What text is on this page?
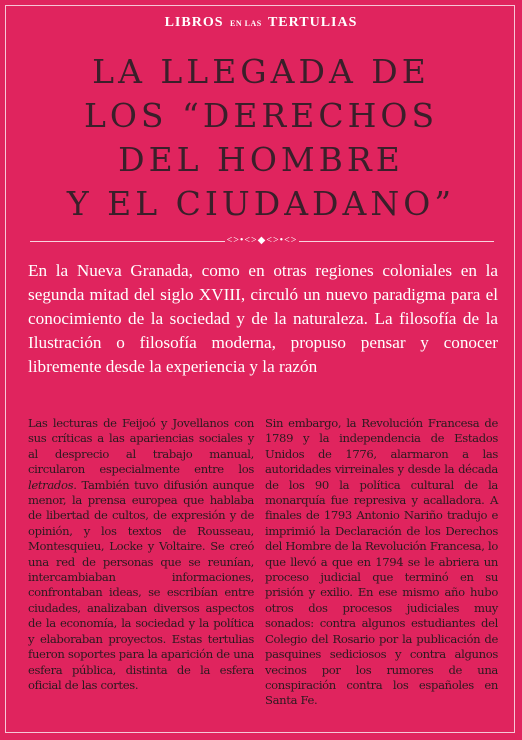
LIBROS EN LAS TERTULIAS
LA LLEGADA DE
LOS “DERECHOS
DEL HOMBRE
Y EL CIUDADANO”
<>•<>◆<>•<>

En la Nueva Granada, como en otras regiones coloniales en la segunda mitad del siglo XVIII, circuló un nuevo paradigma para el conocimiento de la sociedad y de la naturaleza. La filosofía de la Ilustración o filosofía moderna, propuso pensar y conocer libremente desde la experiencia y la razón

Las lecturas de Feijoó y Jovellanos con sus críticas a las apariencias sociales y al desprecio al trabajo manual, circularon especialmente entre los letrados. También tuvo difusión aunque menor, la prensa europea que hablaba de libertad de cultos, de expresión y de opinión, y los textos de Rousseau, Montesquieu, Locke y Voltaire. Se creó una red de personas que se reunían, intercambiaban informaciones, confrontaban ideas, se escribían entre ciudades, analizaban diversos aspectos de la economía, la sociedad y la política y elaboraban proyectos. Estas tertulias fueron soportes para la aparición de una esfera pública, distinta de la esfera oficial de las cortes.
Sin embargo, la Revolución Francesa de 1789 y la independencia de Estados Unidos de 1776, alarmaron a las autoridades virreinales y desde la década de los 90 la política cultural de la monarquía fue represiva y acalladora. A finales de 1793 Antonio Nariño tradujo e imprimió la Declaración de los Derechos del Hombre de la Revolución Francesa, lo que llevó a que en 1794 se le abriera un proceso judicial que terminó en su prisión y exilio. En ese mismo año hubo otros dos procesos judiciales muy sonados: contra algunos estudiantes del Colegio del Rosario por la publicación de pasquines sediciosos y contra algunos vecinos por los rumores de una conspiración contra los españoles en Santa Fe.
